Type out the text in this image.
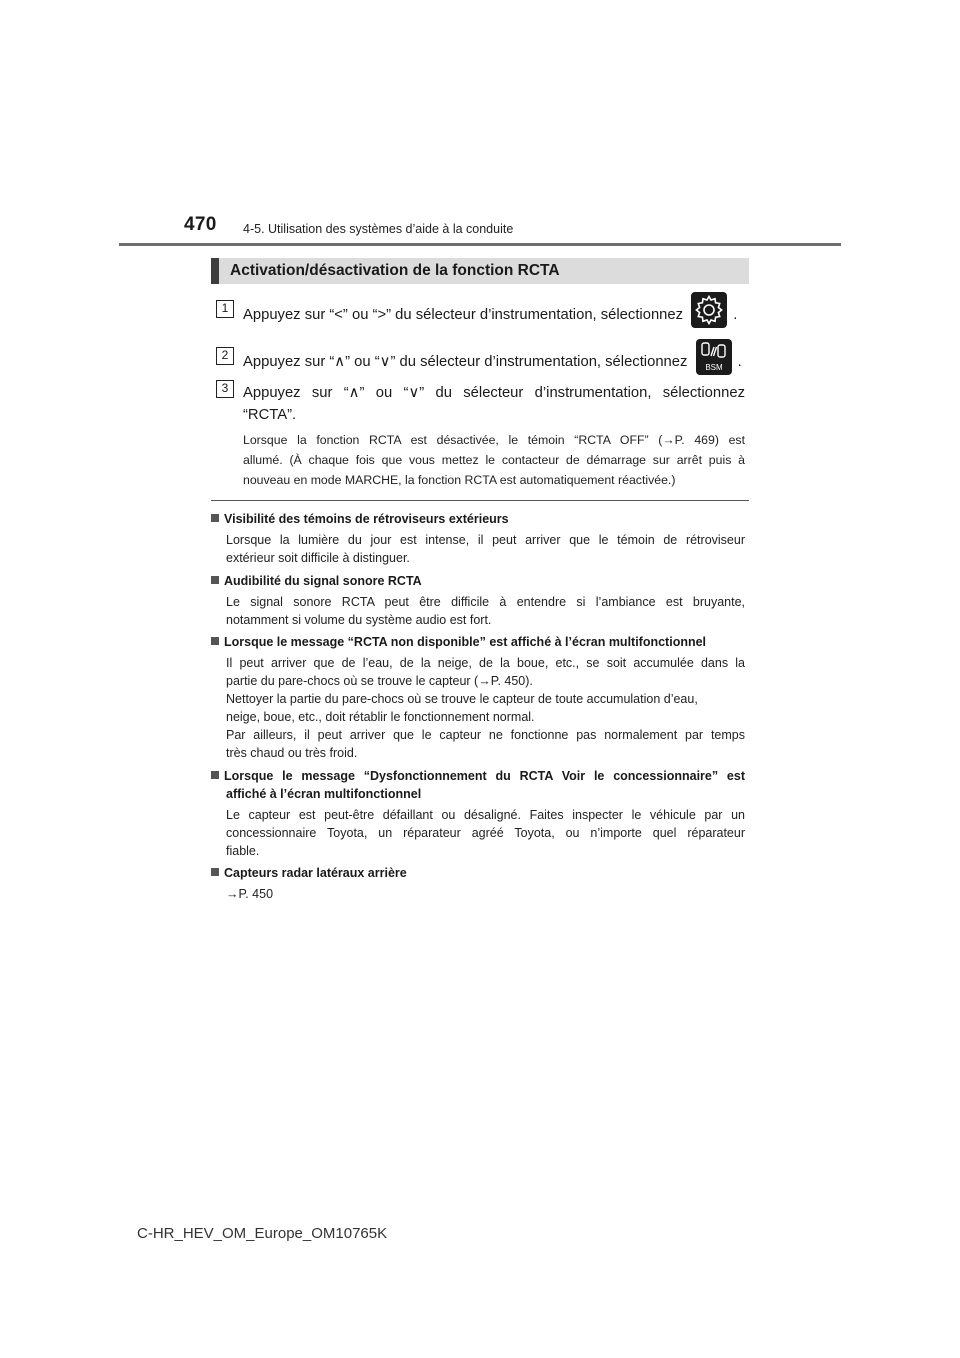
470 4-5. Utilisation des systèmes d’aide à la conduite
Activation/désactivation de la fonction RCTA
1 Appuyez sur “<” ou “>” du sélecteur d’instrumentation, sélectionnez	.
2 Appuyez sur “∧” ou “∨” du sélecteur d’instrumentation, sélectionnez BSM .
3 Appuyez sur “∧” ou “∨” du sélecteur d’instrumentation, sélectionnez
“RCTA”.
Lorsque la fonction RCTA est désactivée, le témoin “RCTA OFF” (→P. 469) est
allumé. (À chaque fois que vous mettez le contacteur de démarrage sur arrêt puis à
nouveau en mode MARCHE, la fonction RCTA est automatiquement réactivée.)
Visibilité des témoins de rétroviseurs extérieurs
Lorsque la lumière du jour est intense, il peut arriver que le témoin de rétroviseur
extérieur soit difficile à distinguer.
Audibilité du signal sonore RCTA
Le signal sonore RCTA peut être difficile à entendre si l’ambiance est bruyante,
notamment si volume du système audio est fort.
Lorsque le message “RCTA non disponible” est affiché à l’écran multifonctionnel
Il peut arriver que de l’eau, de la neige, de la boue, etc., se soit accumulée dans la
partie du pare-chocs où se trouve le capteur (→P. 450).
Nettoyer la partie du pare-chocs où se trouve le capteur de toute accumulation d’eau,
neige, boue, etc., doit rétablir le fonctionnement normal.
Par ailleurs, il peut arriver que le capteur ne fonctionne pas normalement par temps
très chaud ou très froid.
Lorsque le message “Dysfonctionnement du RCTA Voir le concessionnaire” est
affiché à l’écran multifonctionnel
Le capteur est peut-être défaillant ou désaligné. Faites inspecter le véhicule par un
concessionnaire Toyota, un réparateur agréé Toyota, ou n’importe quel réparateur
fiable.
Capteurs radar latéraux arrière
→P. 450
C-HR_HEV_OM_Europe_OM10765K
